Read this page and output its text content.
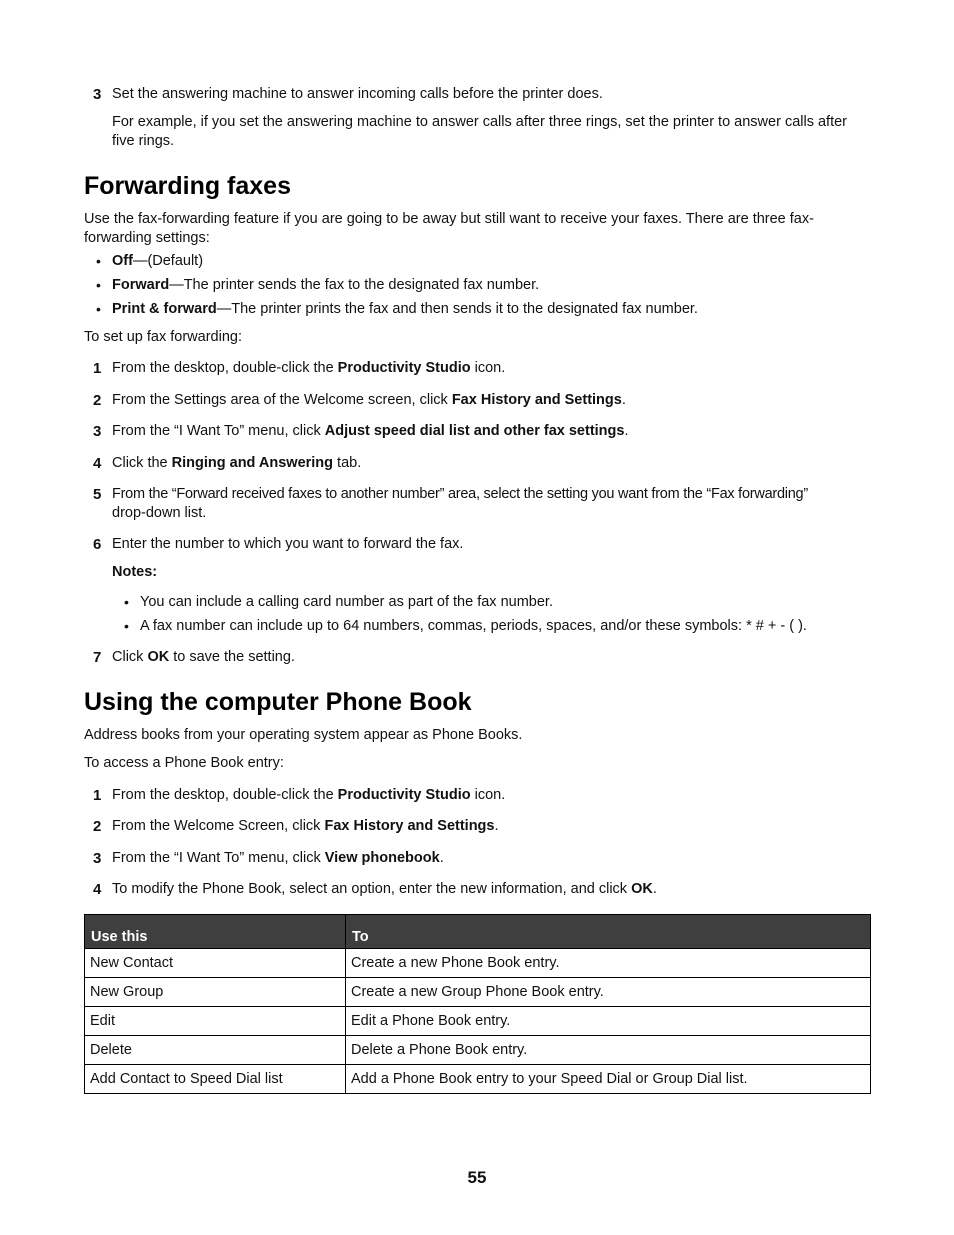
3 Set the answering machine to answer incoming calls before the printer does.
For example, if you set the answering machine to answer calls after three rings, set the printer to answer calls after five rings.
Forwarding faxes
Use the fax-forwarding feature if you are going to be away but still want to receive your faxes. There are three fax-forwarding settings:
• Off—(Default)
• Forward—The printer sends the fax to the designated fax number.
• Print & forward—The printer prints the fax and then sends it to the designated fax number.
To set up fax forwarding:
1 From the desktop, double-click the Productivity Studio icon.
2 From the Settings area of the Welcome screen, click Fax History and Settings.
3 From the “I Want To” menu, click Adjust speed dial list and other fax settings.
4 Click the Ringing and Answering tab.
5 From the “Forward received faxes to another number” area, select the setting you want from the “Fax forwarding”
drop-down list.
6 Enter the number to which you want to forward the fax.
Notes:
• You can include a calling card number as part of the fax number.
• A fax number can include up to 64 numbers, commas, periods, spaces, and/or these symbols: * # + - ( ).
7 Click OK to save the setting.
Using the computer Phone Book
Address books from your operating system appear as Phone Books.
To access a Phone Book entry:
1 From the desktop, double-click the Productivity Studio icon.
2 From the Welcome Screen, click Fax History and Settings.
3 From the “I Want To” menu, click View phonebook.
4 To modify the Phone Book, select an option, enter the new information, and click OK.
Use this	To
New Contact	Create a new Phone Book entry.
New Group	Create a new Group Phone Book entry.
Edit	Edit a Phone Book entry.
Delete	Delete a Phone Book entry.
Add Contact to Speed Dial list	Add a Phone Book entry to your Speed Dial or Group Dial list.
55
